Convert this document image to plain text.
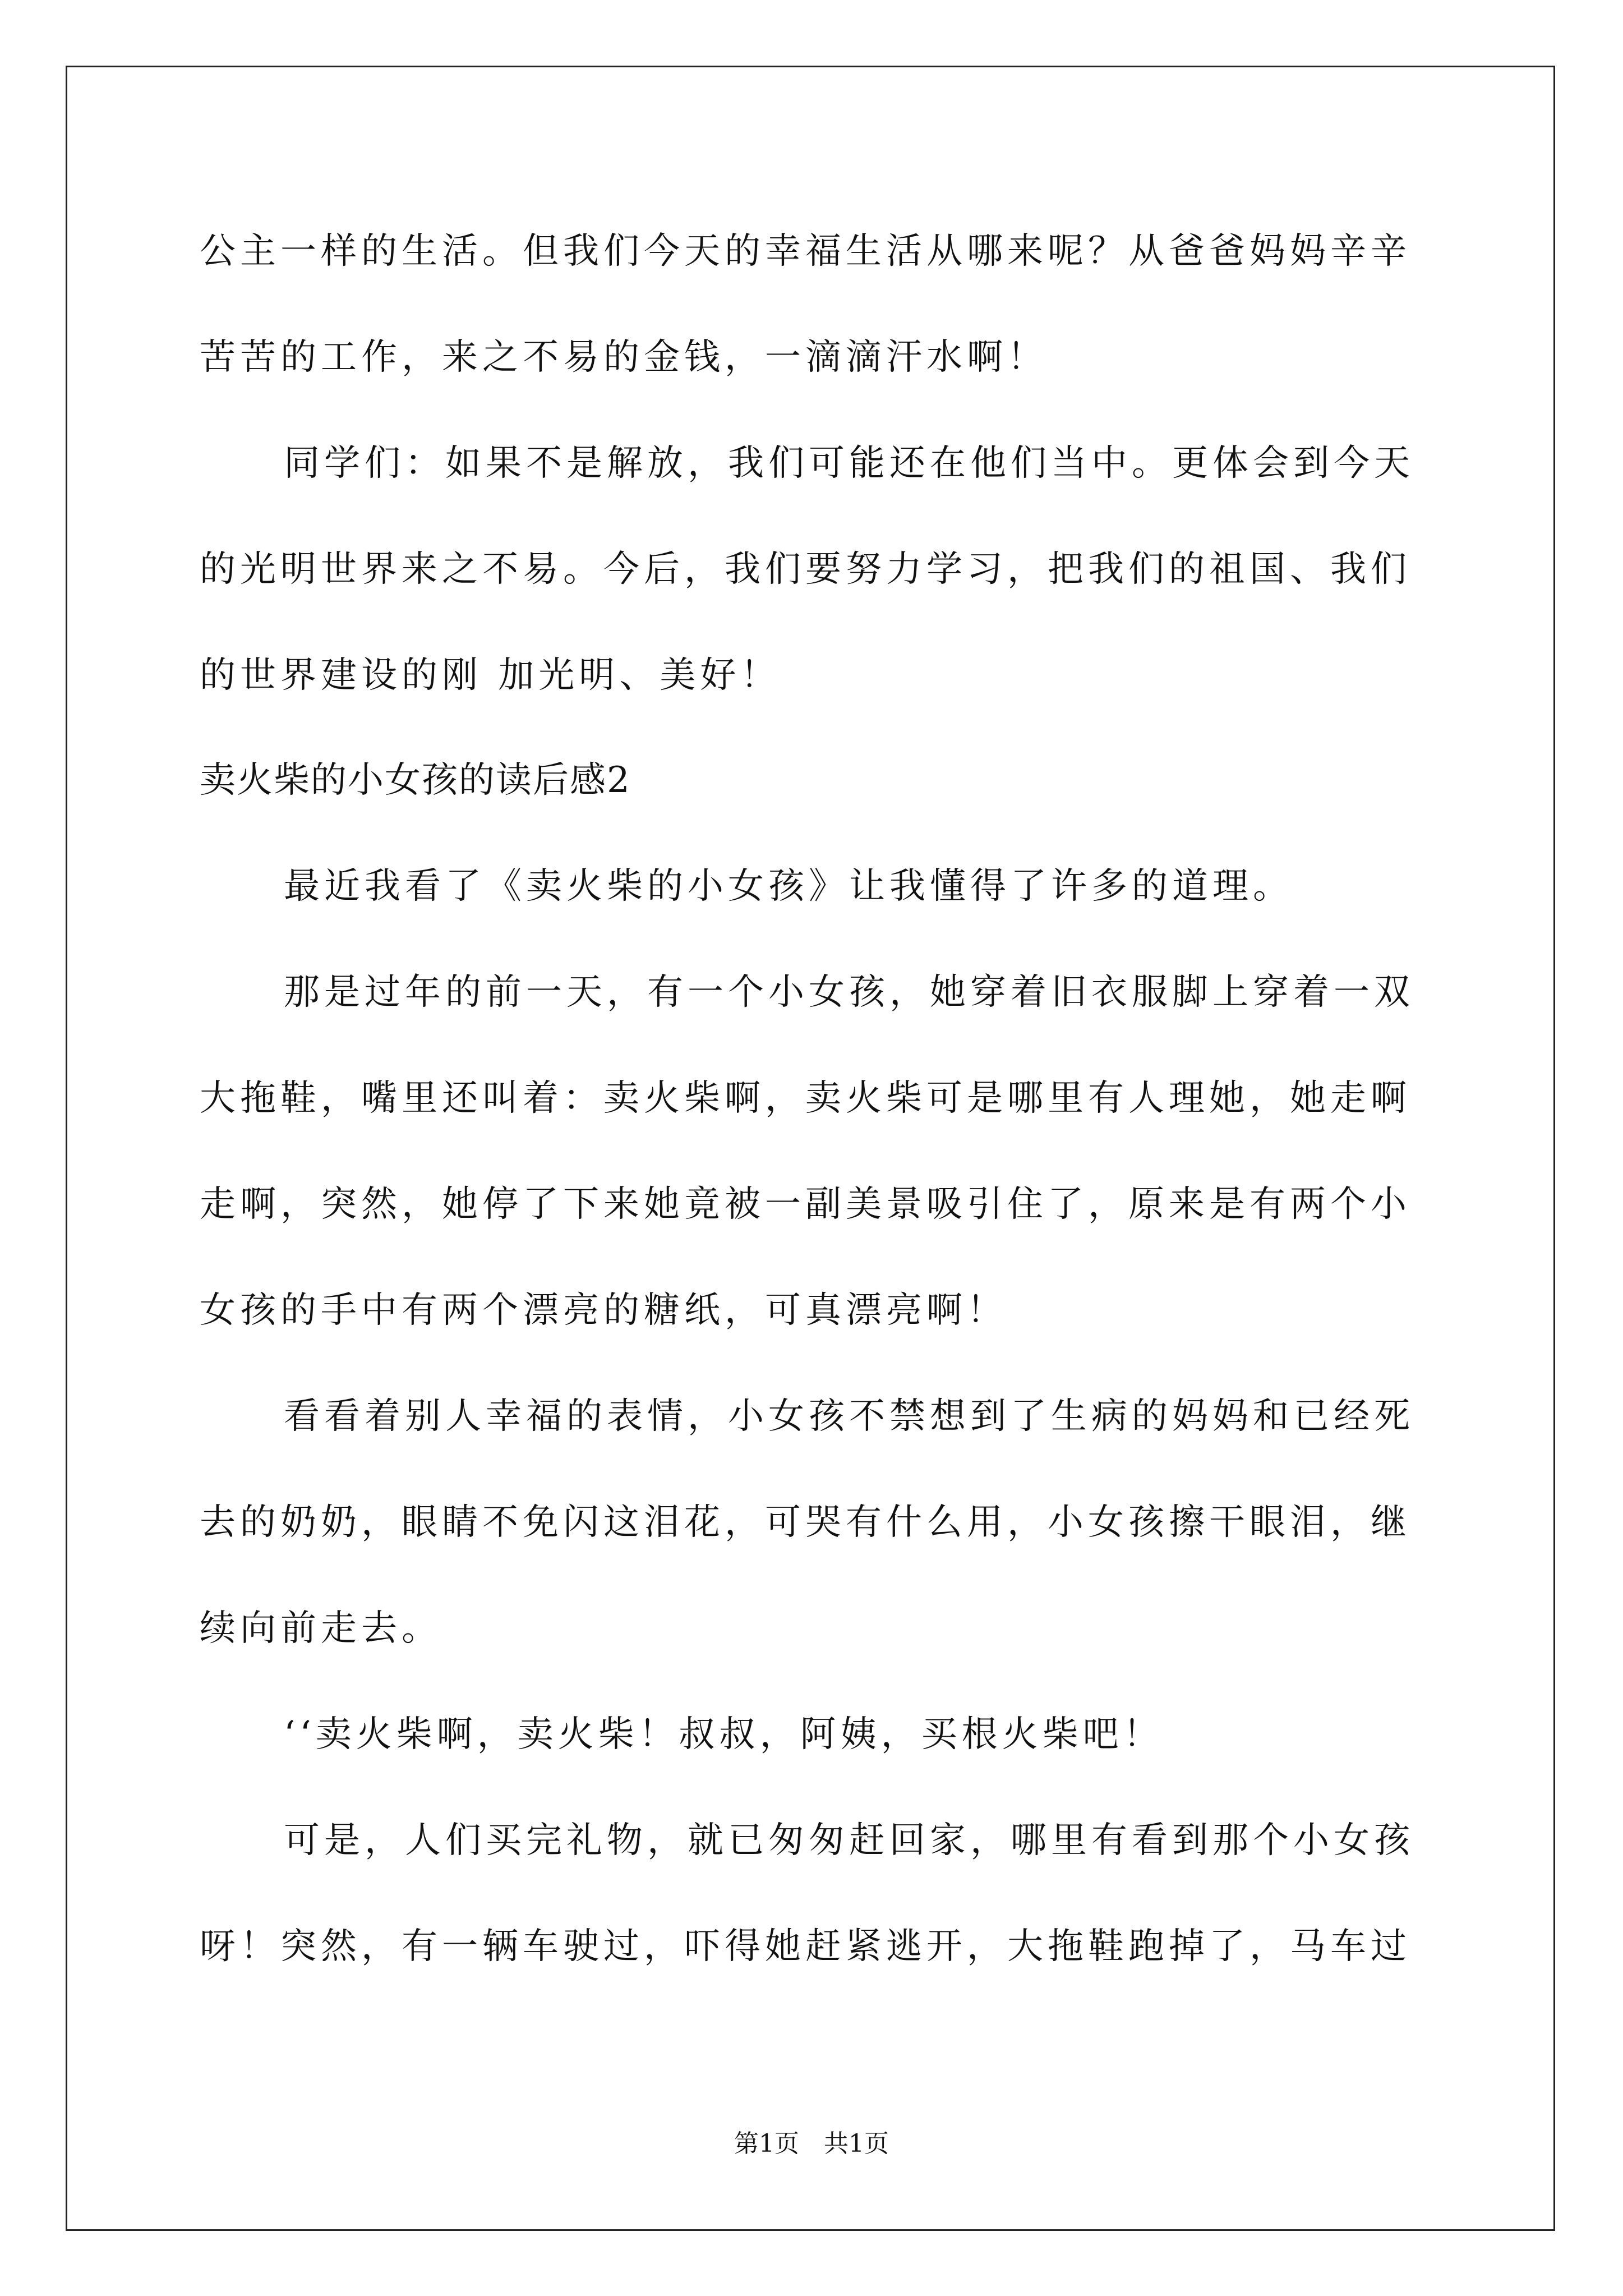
公主一样的生活。但我们今天的幸福生活从哪来呢？从爸爸妈妈辛辛
苦苦的工作，来之不易的金钱，一滴滴汗水啊！
同学们：如果不是解放，我们可能还在他们当中。更体会到今天
的光明世界来之不易。今后，我们要努力学习，把我们的祖国、我们
的世界建设的刚 加光明、美好！
卖火柴的小女孩的读后感2
最近我看了《卖火柴的小女孩》让我懂得了许多的道理。
那是过年的前一天，有一个小女孩，她穿着旧衣服脚上穿着一双
大拖鞋，嘴里还叫着：卖火柴啊，卖火柴可是哪里有人理她，她走啊
走啊，突然，她停了下来她竟被一副美景吸引住了，原来是有两个小
女孩的手中有两个漂亮的糖纸，可真漂亮啊！
看看着别人幸福的表情，小女孩不禁想到了生病的妈妈和已经死
去的奶奶，眼睛不免闪这泪花，可哭有什么用，小女孩擦干眼泪，继
续向前走去。
‘‘卖火柴啊，卖火柴！叔叔，阿姨，买根火柴吧！
可是，人们买完礼物，就已匆匆赶回家，哪里有看到那个小女孩
呀！突然，有一辆车驶过，吓得她赶紧逃开，大拖鞋跑掉了，马车过
第1页　共1页
